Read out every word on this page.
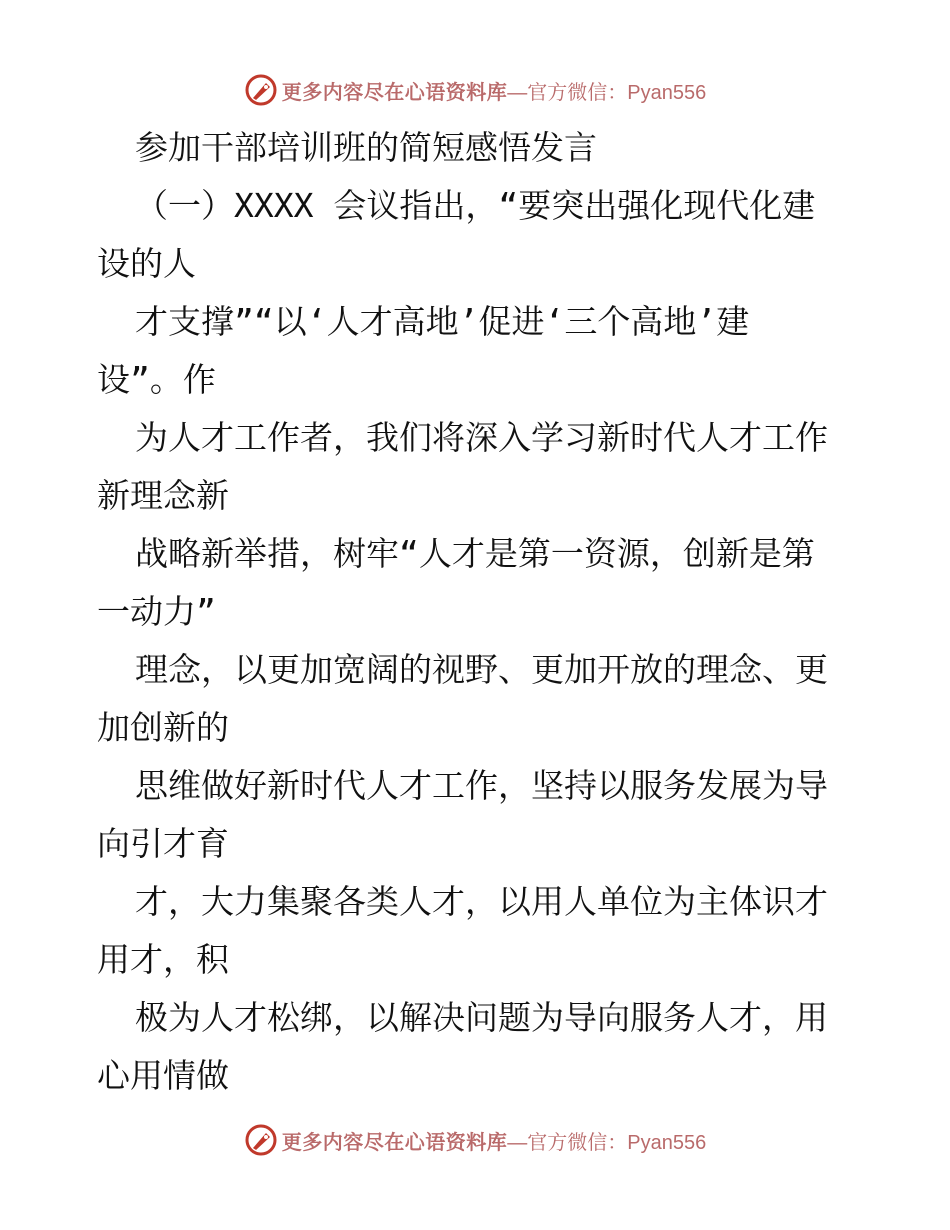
更多内容尽在心语资料库 —官方微信：Pyan556
参加干部培训班的简短感悟发言
（一）XXXX 会议指出，“要突出强化现代化建
设的人
才支撑”“以‘人才高地’促进‘三个高地’建
设”。作
为人才工作者，我们将深入学习新时代人才工作
新理念新
战略新举措，树牢“人才是第一资源，创新是第
一动力”
理念，以更加宽阔的视野、更加开放的理念、更
加创新的
思维做好新时代人才工作，坚持以服务发展为导
向引才育
才，大力集聚各类人才，以用人单位为主体识才
用才，积
极为人才松绑，以解决问题为导向服务人才，用
心用情做
更多内容尽在心语资料库 —官方微信：Pyan556
